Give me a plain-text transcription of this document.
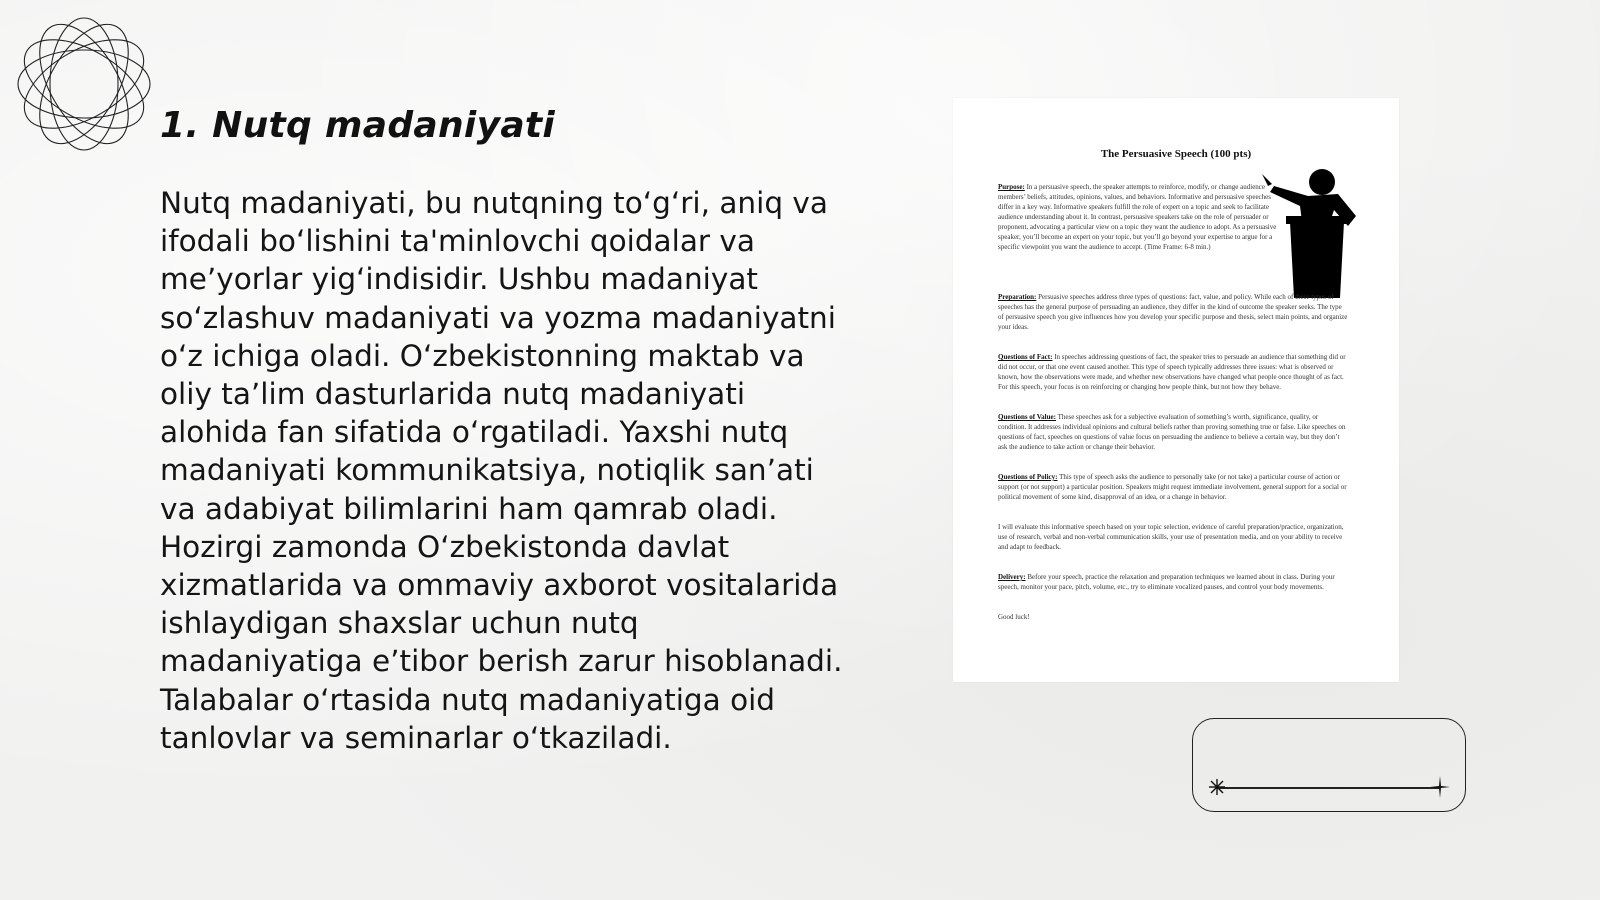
1. Nutq madaniyati

Nutq madaniyati, bu nutqning to‘g‘ri, aniq va ifodali bo‘lishini ta'minlovchi qoidalar va me’yorlar yig‘indisidir. Ushbu madaniyat so‘zlashuv madaniyati va yozma madaniyatni o‘z ichiga oladi. O‘zbekistonning maktab va oliy ta’lim dasturlarida nutq madaniyati alohida fan sifatida o‘rgatiladi. Yaxshi nutq madaniyati kommunikatsiya, notiqlik san’ati va adabiyat bilimlarini ham qamrab oladi. Hozirgi zamonda O‘zbekistonda davlat xizmatlarida va ommaviy axborot vositalarida ishlaydigan shaxslar uchun nutq madaniyatiga e’tibor berish zarur hisoblanadi. Talabalar o‘rtasida nutq madaniyatiga oid tanlovlar va seminarlar o‘tkaziladi.

The Persuasive Speech (100 pts)

Purpose: In a persuasive speech, the speaker attempts to reinforce, modify, or change audience members’ beliefs, attitudes, opinions, values, and behaviors. Informative and persuasive speeches differ in a key way. Informative speakers fulfill the role of expert on a topic and seek to facilitate audience understanding about it. In contrast, persuasive speakers take on the role of persuader or proponent, advocating a particular view on a topic they want the audience to adopt. As a persuasive speaker, you’ll become an expert on your topic, but you’ll go beyond your expertise to argue for a specific viewpoint you want the audience to accept. (Time Frame: 6-8 min.)

Preparation: Persuasive speeches address three types of questions: fact, value, and policy. While each of these types of speeches has the general purpose of persuading an audience, they differ in the kind of outcome the speaker seeks. The type of persuasive speech you give influences how you develop your specific purpose and thesis, select main points, and organize your ideas.

Questions of Fact: In speeches addressing questions of fact, the speaker tries to persuade an audience that something did or did not occur, or that one event caused another. This type of speech typically addresses three issues: what is observed or known, how the observations were made, and whether new observations have changed what people once thought of as fact. For this speech, your focus is on reinforcing or changing how people think, but not how they behave.

Questions of Value: These speeches ask for a subjective evaluation of something’s worth, significance, quality, or condition. It addresses individual opinions and cultural beliefs rather than proving something true or false. Like speeches on questions of fact, speeches on questions of value focus on persuading the audience to believe a certain way, but they don’t ask the audience to take action or change their behavior.

Questions of Policy: This type of speech asks the audience to personally take (or not take) a particular course of action or support (or not support) a particular position. Speakers might request immediate involvement, general support for a social or political movement of some kind, disapproval of an idea, or a change in behavior.

I will evaluate this informative speech based on your topic selection, evidence of careful preparation/practice, organization, use of research, verbal and non-verbal communication skills, your use of presentation media, and on your ability to receive and adapt to feedback.

Delivery: Before your speech, practice the relaxation and preparation techniques we learned about in class. During your speech, monitor your pace, pitch, volume, etc., try to eliminate vocalized pauses, and control your body movements.

Good luck!
